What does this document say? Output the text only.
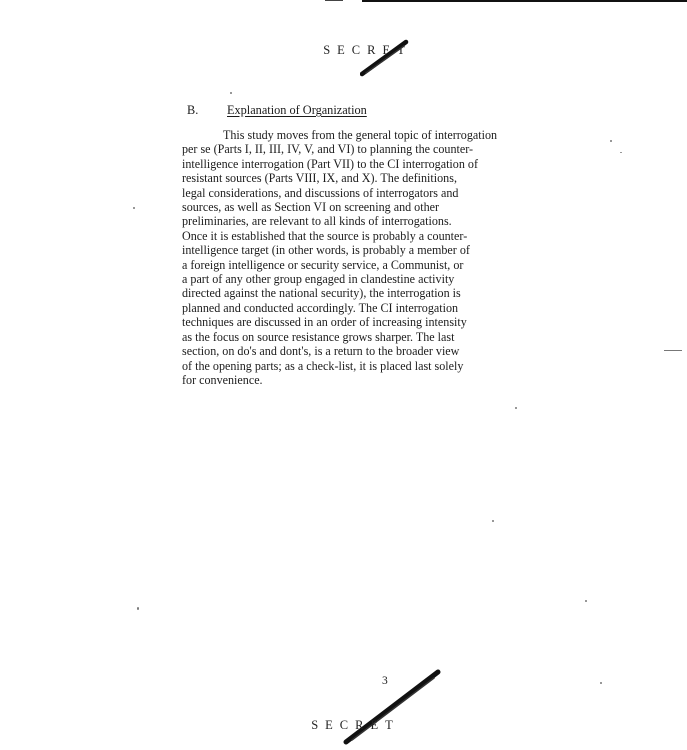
SECRET
B. Explanation of Organization
This study moves from the general topic of interrogation
per se (Parts I, II, III, IV, V, and VI) to planning the counter-
intelligence interrogation (Part VII) to the CI interrogation of
resistant sources (Parts VIII, IX, and X). The definitions,
legal considerations, and discussions of interrogators and
sources, as well as Section VI on screening and other
preliminaries, are relevant to all kinds of interrogations.
Once it is established that the source is probably a counter-
intelligence target (in other words, is probably a member of
a foreign intelligence or security service, a Communist, or
a part of any other group engaged in clandestine activity
directed against the national security), the interrogation is
planned and conducted accordingly. The CI interrogation
techniques are discussed in an order of increasing intensity
as the focus on source resistance grows sharper. The last
section, on do's and dont's, is a return to the broader view
of the opening parts; as a check-list, it is placed last solely
for convenience.
3
SECRET
